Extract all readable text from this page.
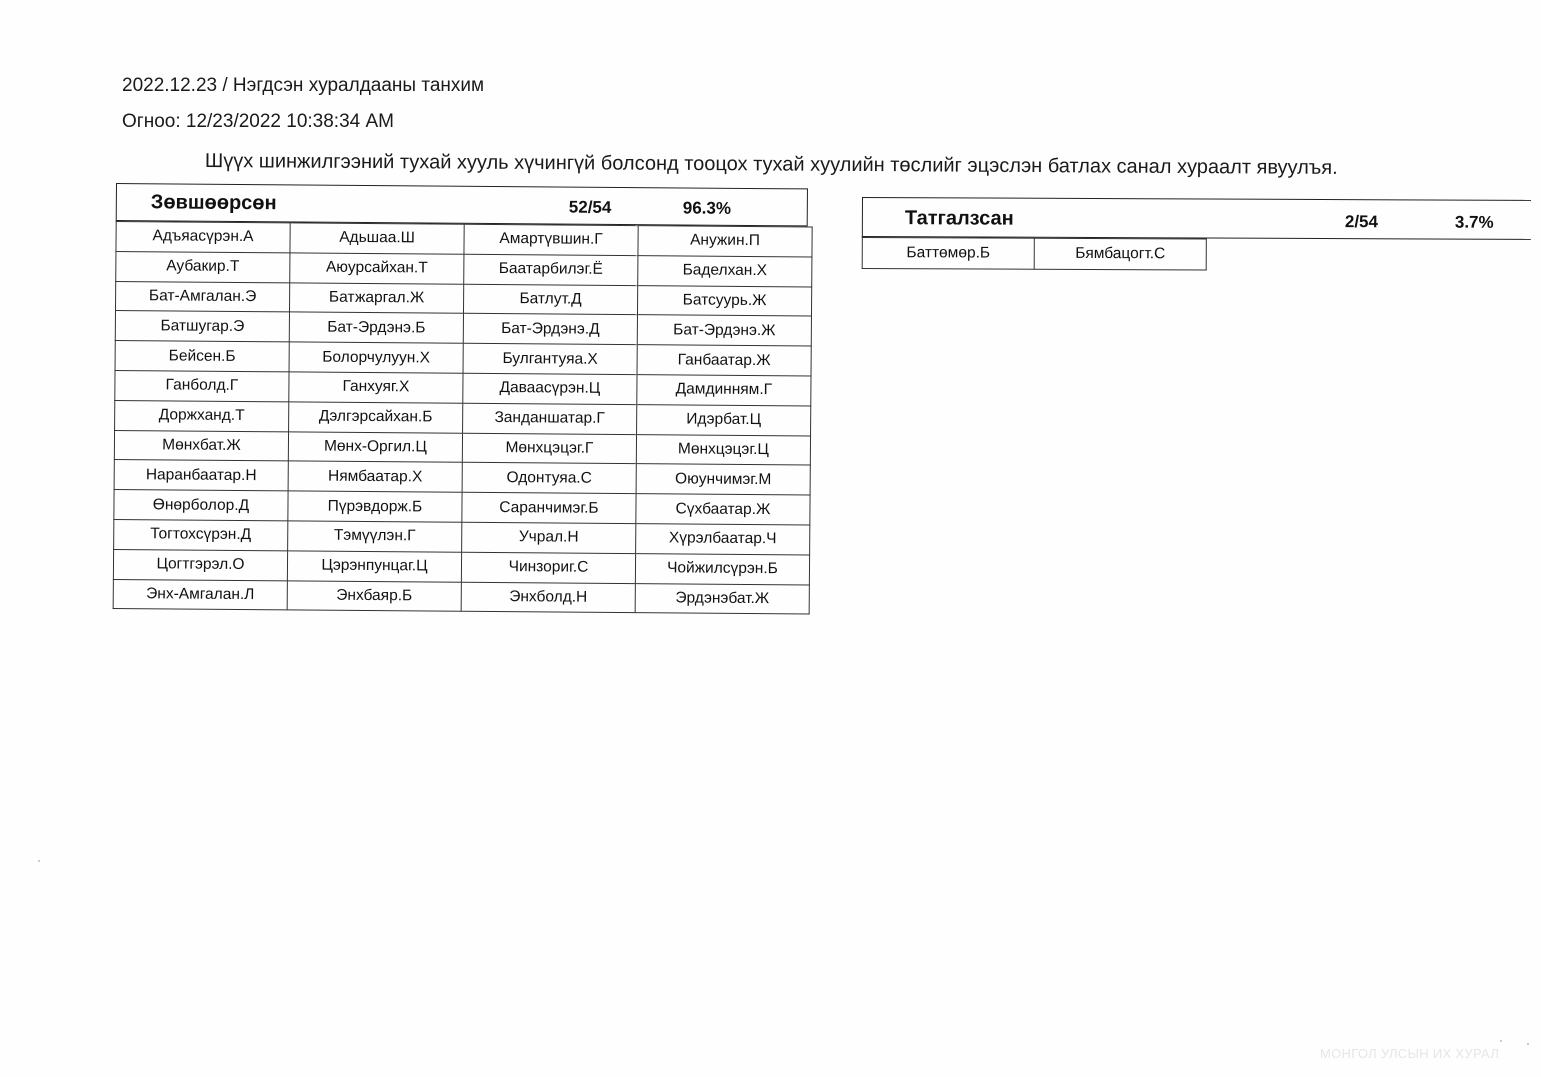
2022.12.23 / Нэгдсэн хуралдааны танхим
Огноо: 12/23/2022 10:38:34 AM
Шүүх шинжилгээний тухай хууль хүчингүй болсонд тооцох тухай хуулийн төслийг эцэслэн батлах санал хураалт явуулъя.
Зөвшөөрсөн	52/54	96.3%
Адъяасүрэн.А	Адьшаа.Ш	Амартүвшин.Г	Анужин.П
Аубакир.Т	Аюурсайхан.Т	Баатарбилэг.Ё	Баделхан.Х
Бат-Амгалан.Э	Батжаргал.Ж	Батлут.Д	Батсуурь.Ж
Батшугар.Э	Бат-Эрдэнэ.Б	Бат-Эрдэнэ.Д	Бат-Эрдэнэ.Ж
Бейсен.Б	Болорчулуун.Х	Булгантуяа.Х	Ганбаатар.Ж
Ганболд.Г	Ганхуяг.Х	Даваасүрэн.Ц	Дамдинням.Г
Доржханд.Т	Дэлгэрсайхан.Б	Занданшатар.Г	Идэрбат.Ц
Мөнхбат.Ж	Мөнх-Оргил.Ц	Мөнхцэцэг.Г	Мөнхцэцэг.Ц
Наранбаатар.Н	Нямбаатар.Х	Одонтуяа.С	Оюунчимэг.М
Өнөрболор.Д	Пүрэвдорж.Б	Саранчимэг.Б	Сүхбаатар.Ж
Тогтохсүрэн.Д	Тэмүүлэн.Г	Учрал.Н	Хүрэлбаатар.Ч
Цогтгэрэл.О	Цэрэнпунцаг.Ц	Чинзориг.С	Чойжилсүрэн.Б
Энх-Амгалан.Л	Энхбаяр.Б	Энхболд.Н	Эрдэнэбат.Ж
Татгалзсан	2/54	3.7%
Баттөмөр.Б	Бямбацогт.С
МОНГОЛ УЛСЫН ИХ ХУРАЛ
